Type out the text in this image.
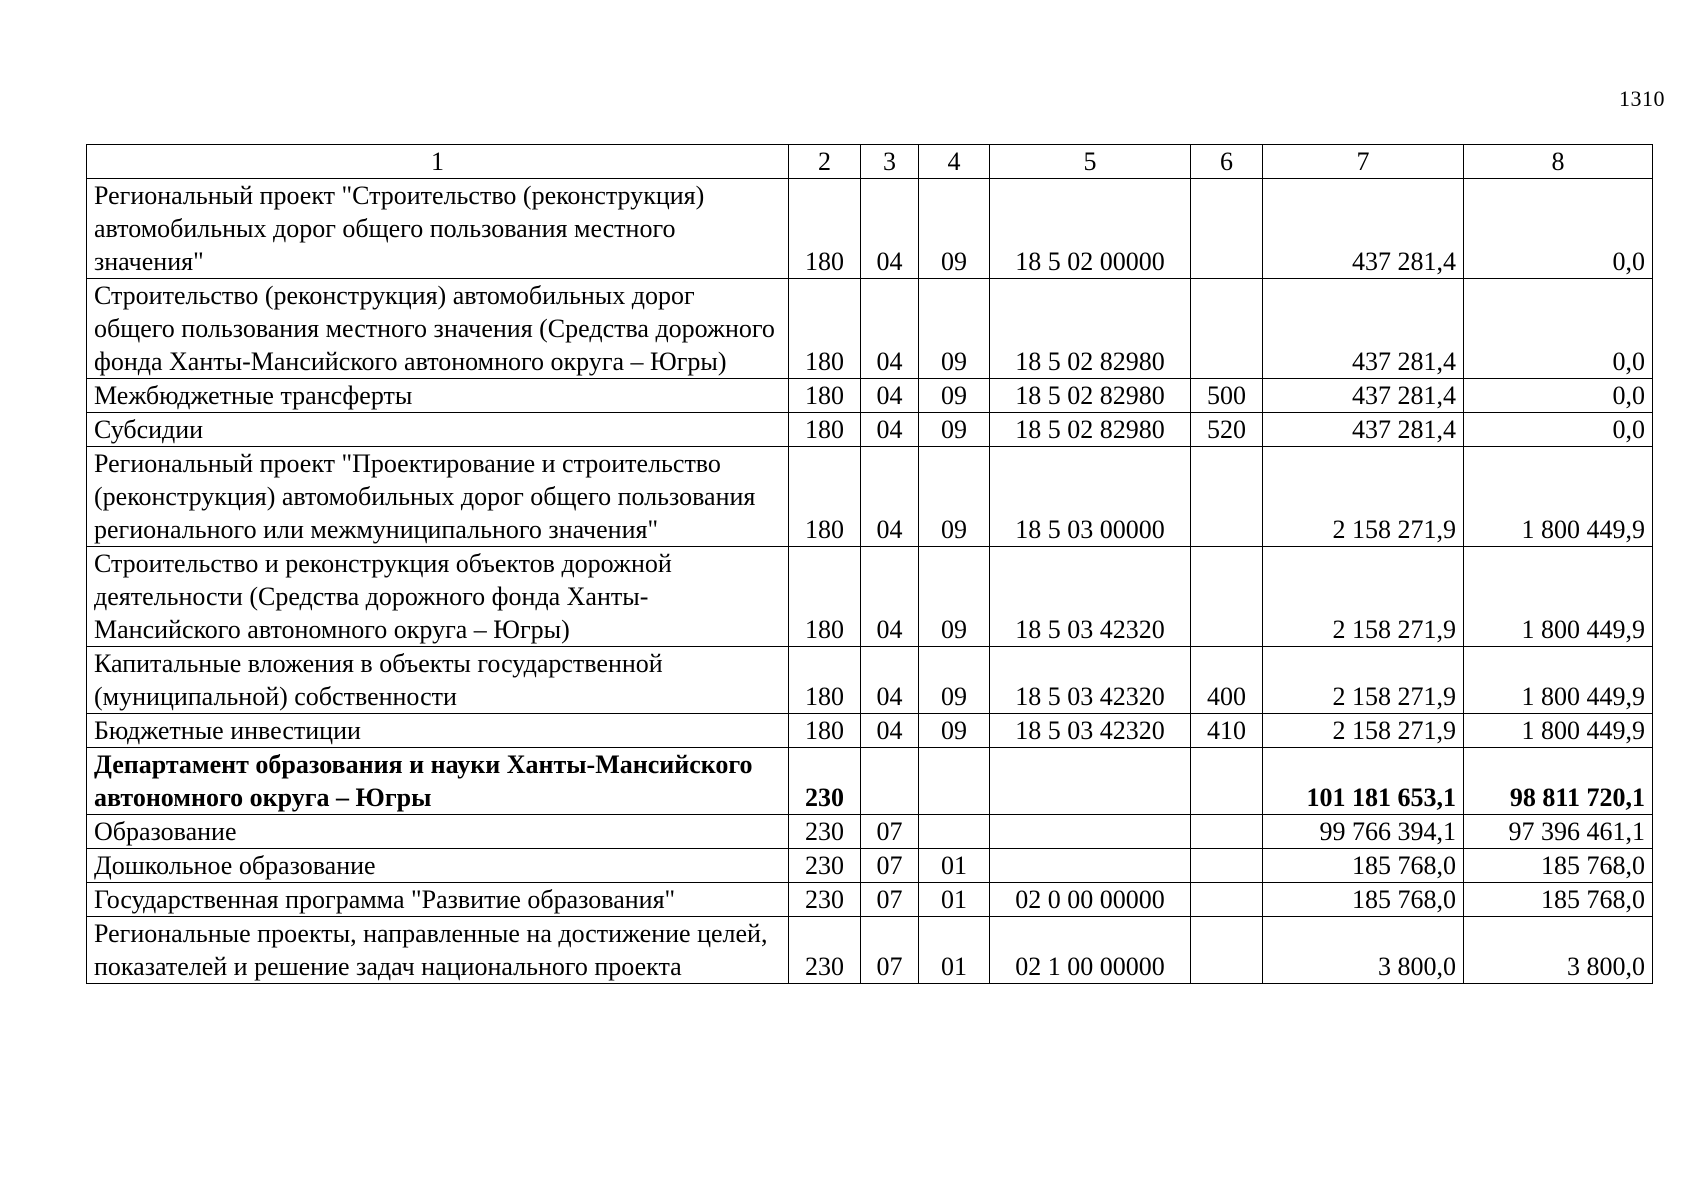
1310
1	2	3	4	5	6	7	8
Региональный проект "Строительство (реконструкция) автомобильных дорог общего пользования местного значения"	180	04	09	18 5 02 00000		437 281,4	0,0
Строительство (реконструкция) автомобильных дорог общего пользования местного значения (Средства дорожного фонда Ханты-Мансийского автономного округа – Югры)	180	04	09	18 5 02 82980		437 281,4	0,0
Межбюджетные трансферты	180	04	09	18 5 02 82980	500	437 281,4	0,0
Субсидии	180	04	09	18 5 02 82980	520	437 281,4	0,0
Региональный проект "Проектирование и строительство (реконструкция) автомобильных дорог общего пользования регионального или межмуниципального значения"	180	04	09	18 5 03 00000		2 158 271,9	1 800 449,9
Строительство и реконструкция объектов дорожной деятельности (Средства дорожного фонда Ханты-Мансийского автономного округа – Югры)	180	04	09	18 5 03 42320		2 158 271,9	1 800 449,9
Капитальные вложения в объекты государственной (муниципальной) собственности	180	04	09	18 5 03 42320	400	2 158 271,9	1 800 449,9
Бюджетные инвестиции	180	04	09	18 5 03 42320	410	2 158 271,9	1 800 449,9
Департамент образования и науки Ханты-Мансийского автономного округа – Югры	230					101 181 653,1	98 811 720,1
Образование	230	07				99 766 394,1	97 396 461,1
Дошкольное образование	230	07	01			185 768,0	185 768,0
Государственная программа "Развитие образования"	230	07	01	02 0 00 00000		185 768,0	185 768,0
Региональные проекты, направленные на достижение целей, показателей и решение задач национального проекта	230	07	01	02 1 00 00000		3 800,0	3 800,0
